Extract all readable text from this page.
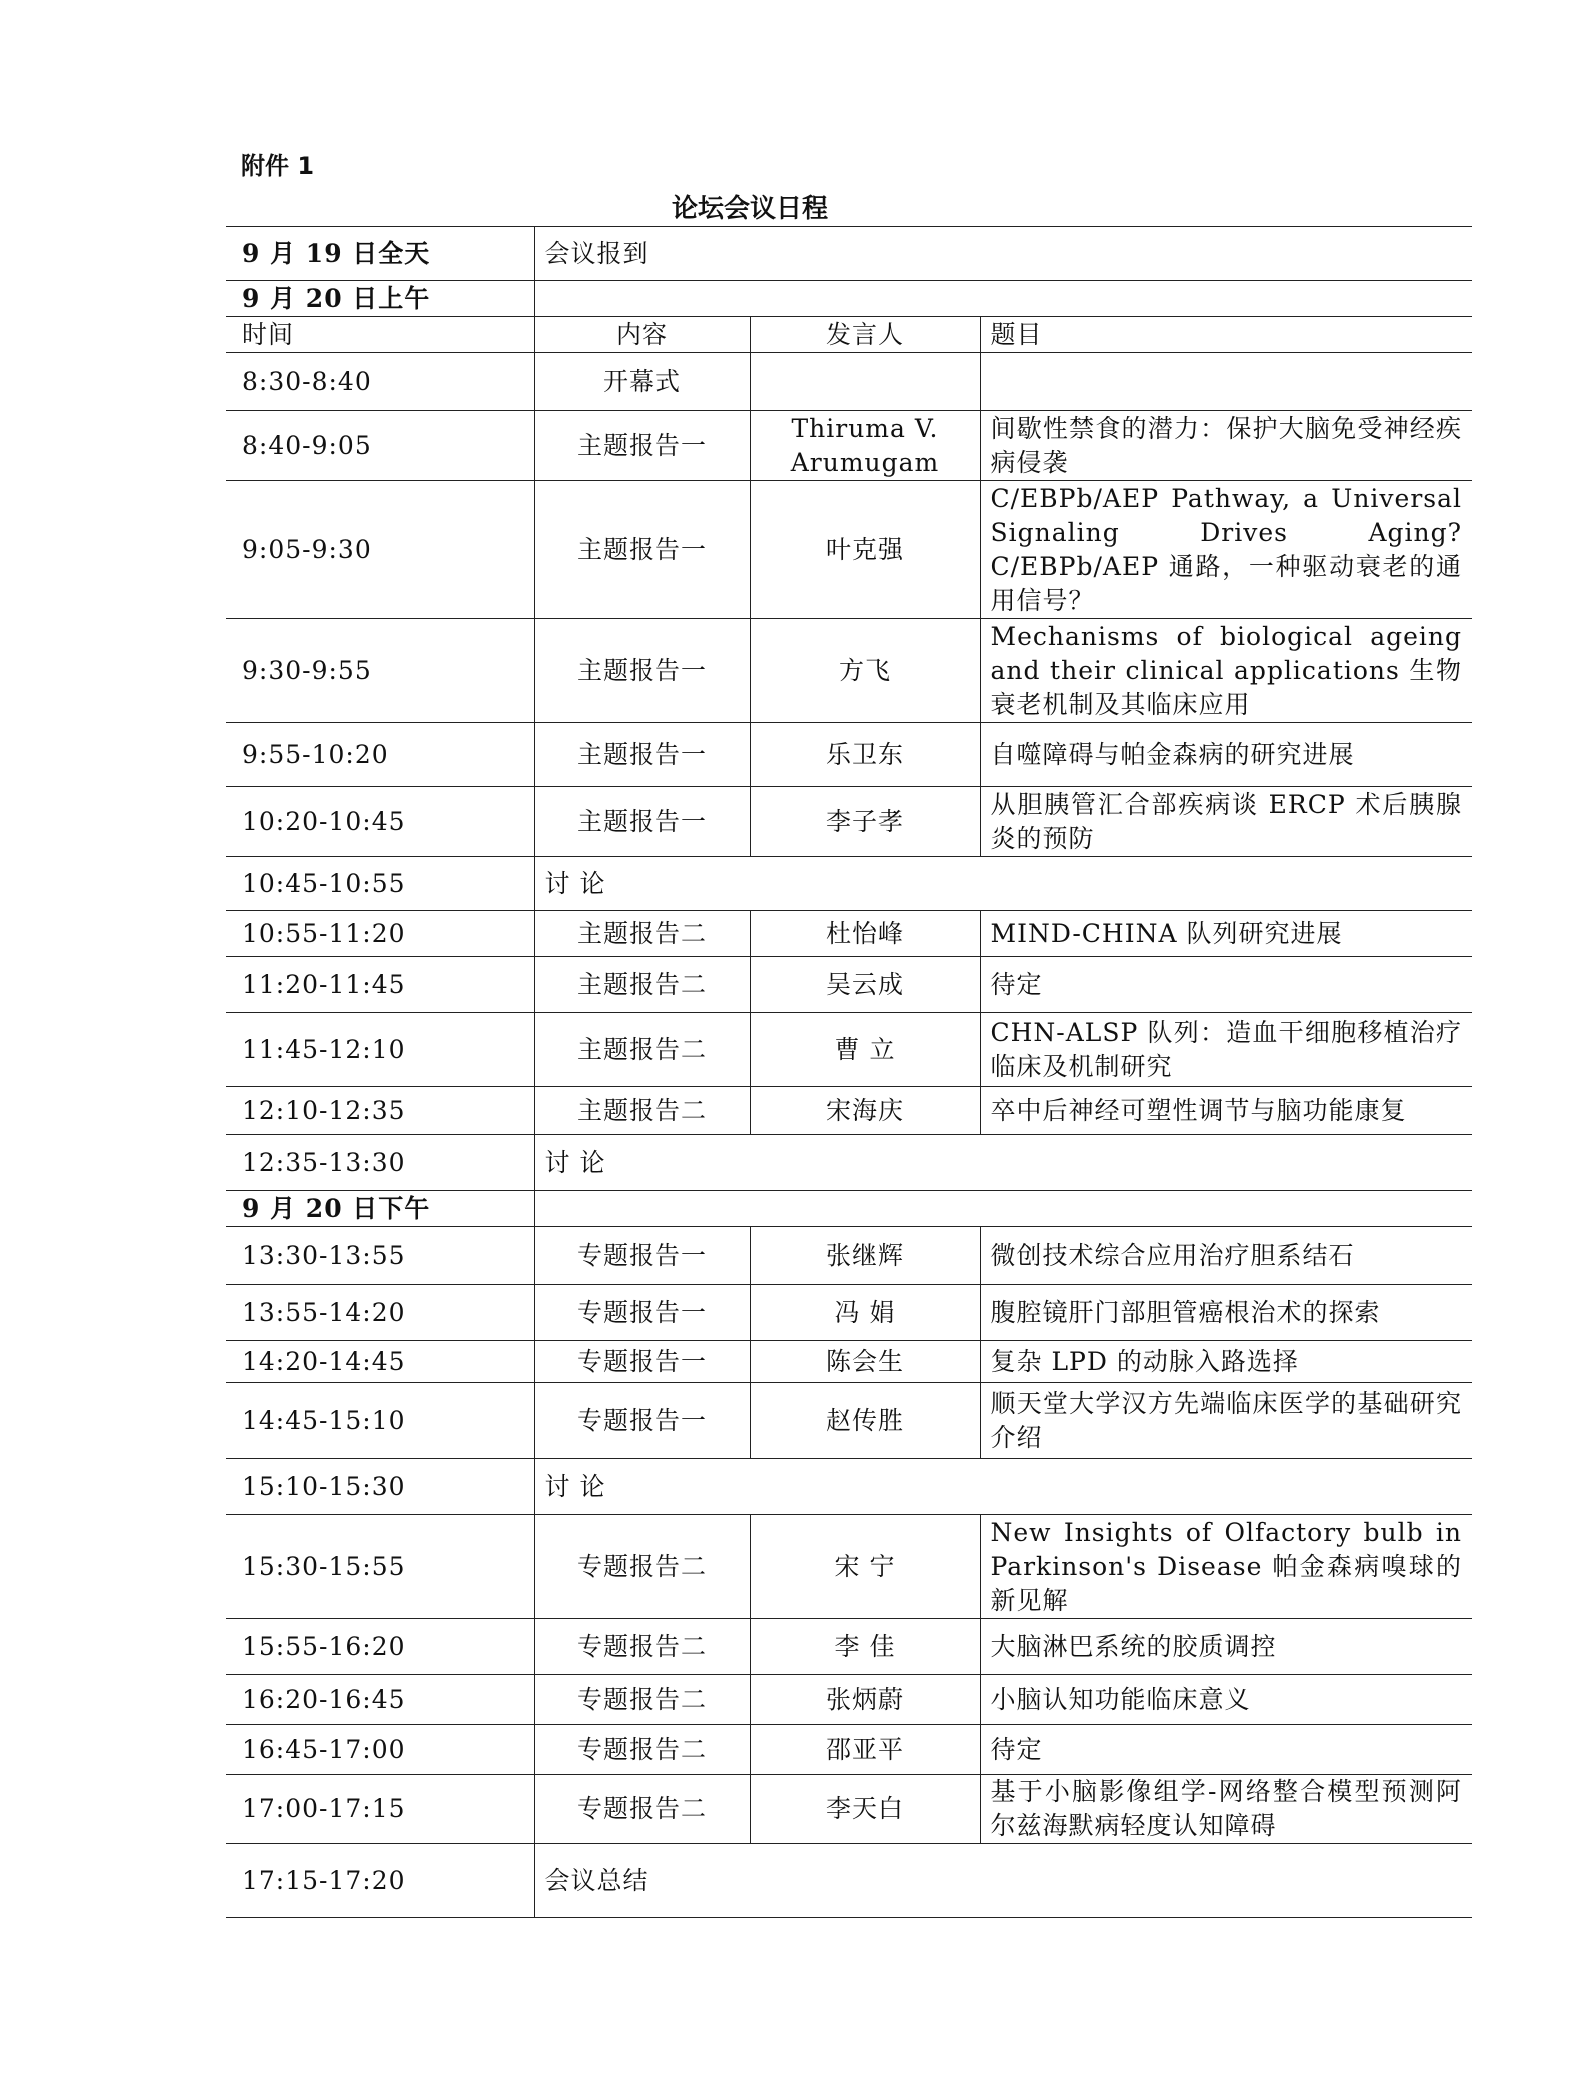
附件 1
论坛会议日程
9 月 19 日全天	会议报到		
9 月 20 日上午			
时间	内容	发言人	题目
8:30-8:40	开幕式		
8:40-9:05	主题报告一	Thiruma V. Arumugam	间歇性禁食的潜力：保护大脑免受神经疾病侵袭
9:05-9:30	主题报告一	叶克强	C/EBPb/AEP Pathway, a Universal Signaling Drives Aging? C/EBPb/AEP 通路，一种驱动衰老的通用信号？
9:30-9:55	主题报告一	方飞	Mechanisms of biological ageing and their clinical applications 生物衰老机制及其临床应用
9:55-10:20	主题报告一	乐卫东	自噬障碍与帕金森病的研究进展
10:20-10:45	主题报告一	李子孝	从胆胰管汇合部疾病谈 ERCP 术后胰腺炎的预防
10:45-10:55	讨 论		
10:55-11:20	主题报告二	杜怡峰	MIND-CHINA 队列研究进展
11:20-11:45	主题报告二	吴云成	待定
11:45-12:10	主题报告二	曹 立	CHN-ALSP 队列：造血干细胞移植治疗临床及机制研究
12:10-12:35	主题报告二	宋海庆	卒中后神经可塑性调节与脑功能康复
12:35-13:30	讨 论		
9 月 20 日下午			
13:30-13:55	专题报告一	张继辉	微创技术综合应用治疗胆系结石
13:55-14:20	专题报告一	冯 娟	腹腔镜肝门部胆管癌根治术的探索
14:20-14:45	专题报告一	陈会生	复杂 LPD 的动脉入路选择
14:45-15:10	专题报告一	赵传胜	顺天堂大学汉方先端临床医学的基础研究介绍
15:10-15:30	讨 论		
15:30-15:55	专题报告二	宋 宁	New Insights of Olfactory bulb in Parkinson's Disease 帕金森病嗅球的新见解
15:55-16:20	专题报告二	李 佳	大脑淋巴系统的胶质调控
16:20-16:45	专题报告二	张炳蔚	小脑认知功能临床意义
16:45-17:00	专题报告二	邵亚平	待定
17:00-17:15	专题报告二	李天白	基于小脑影像组学-网络整合模型预测阿尔兹海默病轻度认知障碍
17:15-17:20	会议总结		
